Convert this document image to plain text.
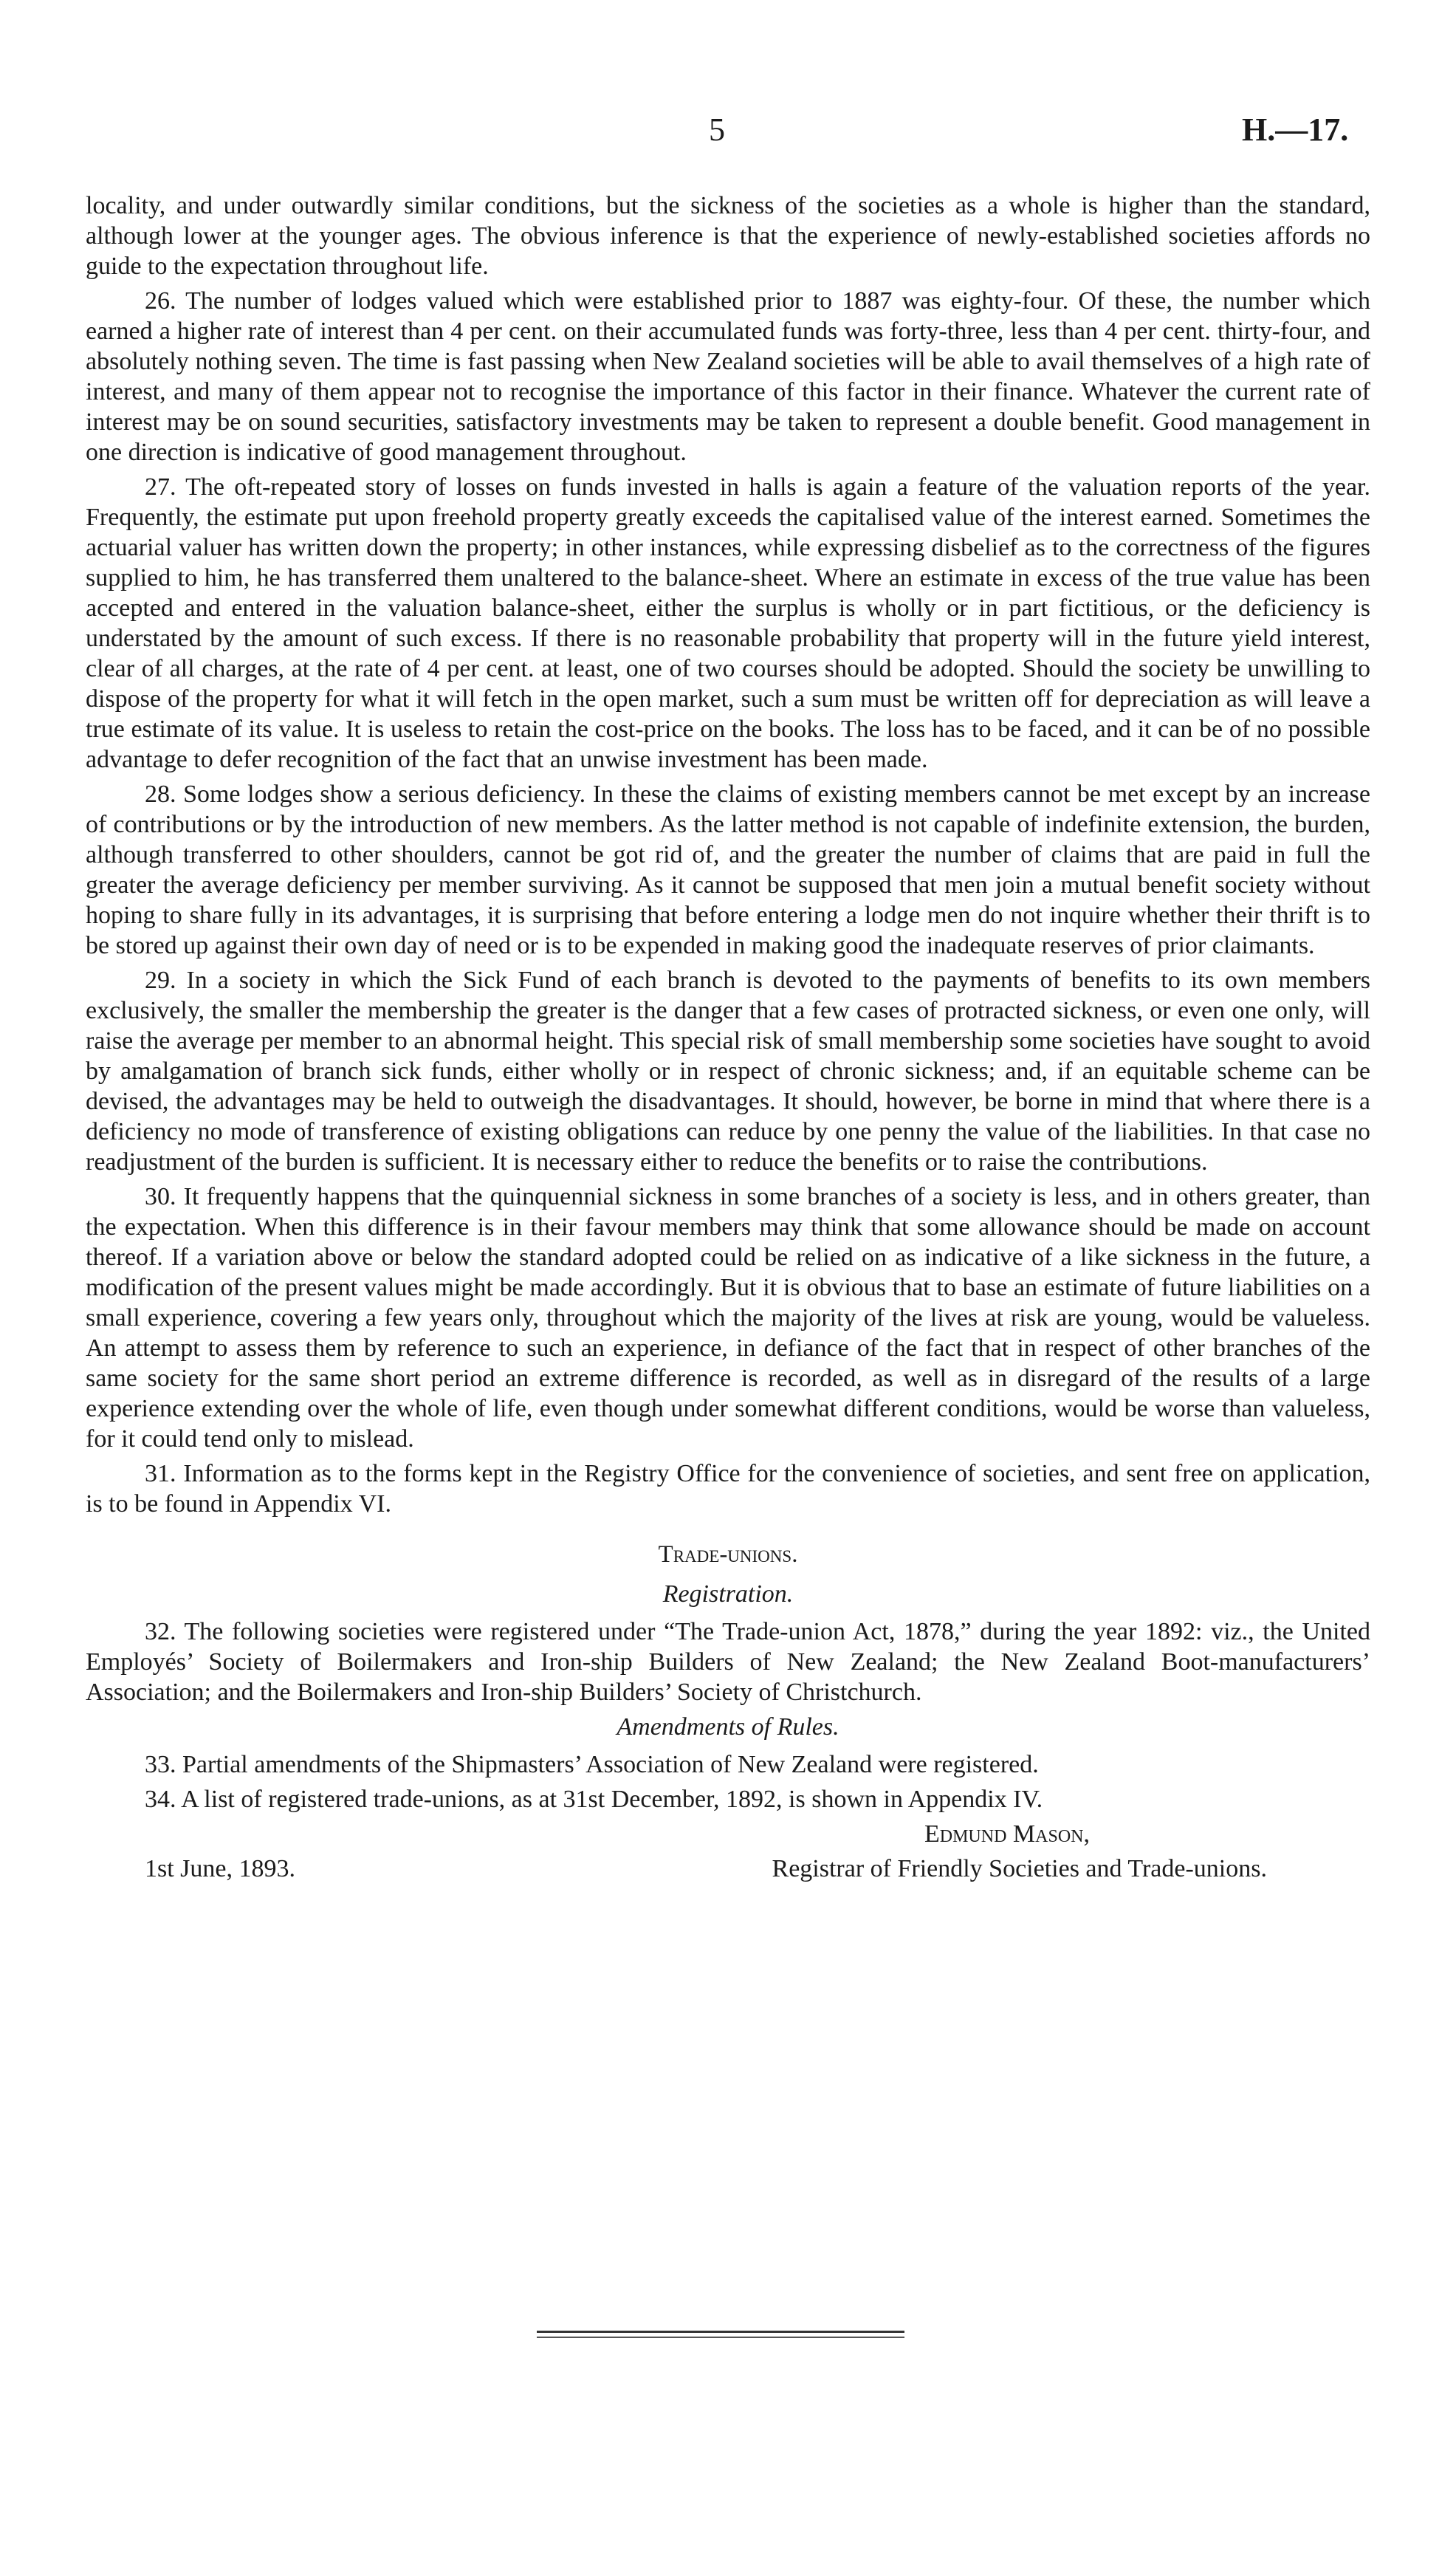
5	H.—17.

locality, and under outwardly similar conditions, but the sickness of the societies as a whole is higher than the standard, although lower at the younger ages. The obvious inference is that the experience of newly-established societies affords no guide to the expectation throughout life.

26. The number of lodges valued which were established prior to 1887 was eighty-four. Of these, the number which earned a higher rate of interest than 4 per cent. on their accumulated funds was forty-three, less than 4 per cent. thirty-four, and absolutely nothing seven. The time is fast passing when New Zealand societies will be able to avail themselves of a high rate of interest, and many of them appear not to recognise the importance of this factor in their finance. Whatever the current rate of interest may be on sound securities, satisfactory investments may be taken to represent a double benefit. Good management in one direction is indicative of good management throughout.

27. The oft-repeated story of losses on funds invested in halls is again a feature of the valuation reports of the year. Frequently, the estimate put upon freehold property greatly exceeds the capitalised value of the interest earned. Sometimes the actuarial valuer has written down the property; in other instances, while expressing disbelief as to the correctness of the figures supplied to him, he has transferred them unaltered to the balance-sheet. Where an estimate in excess of the true value has been accepted and entered in the valuation balance-sheet, either the surplus is wholly or in part fictitious, or the deficiency is understated by the amount of such excess. If there is no reasonable probability that property will in the future yield interest, clear of all charges, at the rate of 4 per cent. at least, one of two courses should be adopted. Should the society be unwilling to dispose of the property for what it will fetch in the open market, such a sum must be written off for depreciation as will leave a true estimate of its value. It is useless to retain the cost-price on the books. The loss has to be faced, and it can be of no possible advantage to defer recognition of the fact that an unwise investment has been made.

28. Some lodges show a serious deficiency. In these the claims of existing members cannot be met except by an increase of contributions or by the introduction of new members. As the latter method is not capable of indefinite extension, the burden, although transferred to other shoulders, cannot be got rid of, and the greater the number of claims that are paid in full the greater the average deficiency per member surviving. As it cannot be supposed that men join a mutual benefit society without hoping to share fully in its advantages, it is surprising that before entering a lodge men do not inquire whether their thrift is to be stored up against their own day of need or is to be expended in making good the inadequate reserves of prior claimants.

29. In a society in which the Sick Fund of each branch is devoted to the payments of benefits to its own members exclusively, the smaller the membership the greater is the danger that a few cases of protracted sickness, or even one only, will raise the average per member to an abnormal height. This special risk of small membership some societies have sought to avoid by amalgamation of branch sick funds, either wholly or in respect of chronic sickness; and, if an equitable scheme can be devised, the advantages may be held to outweigh the disadvantages. It should, however, be borne in mind that where there is a deficiency no mode of transference of existing obligations can reduce by one penny the value of the liabilities. In that case no readjustment of the burden is sufficient. It is necessary either to reduce the benefits or to raise the contributions.

30. It frequently happens that the quinquennial sickness in some branches of a society is less, and in others greater, than the expectation. When this difference is in their favour members may think that some allowance should be made on account thereof. If a variation above or below the standard adopted could be relied on as indicative of a like sickness in the future, a modification of the present values might be made accordingly. But it is obvious that to base an estimate of future liabilities on a small experience, covering a few years only, throughout which the majority of the lives at risk are young, would be valueless. An attempt to assess them by reference to such an experience, in defiance of the fact that in respect of other branches of the same society for the same short period an extreme difference is recorded, as well as in disregard of the results of a large experience extending over the whole of life, even though under somewhat different conditions, would be worse than valueless, for it could tend only to mislead.

31. Information as to the forms kept in the Registry Office for the convenience of societies, and sent free on application, is to be found in Appendix VI.

Trade-unions.
Registration.

32. The following societies were registered under “The Trade-union Act, 1878,” during the year 1892: viz., the United Employés’ Society of Boilermakers and Iron-ship Builders of New Zealand; the New Zealand Boot-manufacturers’ Association; and the Boilermakers and Iron-ship Builders’ Society of Christchurch.

Amendments of Rules.

33. Partial amendments of the Shipmasters’ Association of New Zealand were registered.

34. A list of registered trade-unions, as at 31st December, 1892, is shown in Appendix IV.

Edmund Mason,

1st June, 1893.	Registrar of Friendly Societies and Trade-unions.
